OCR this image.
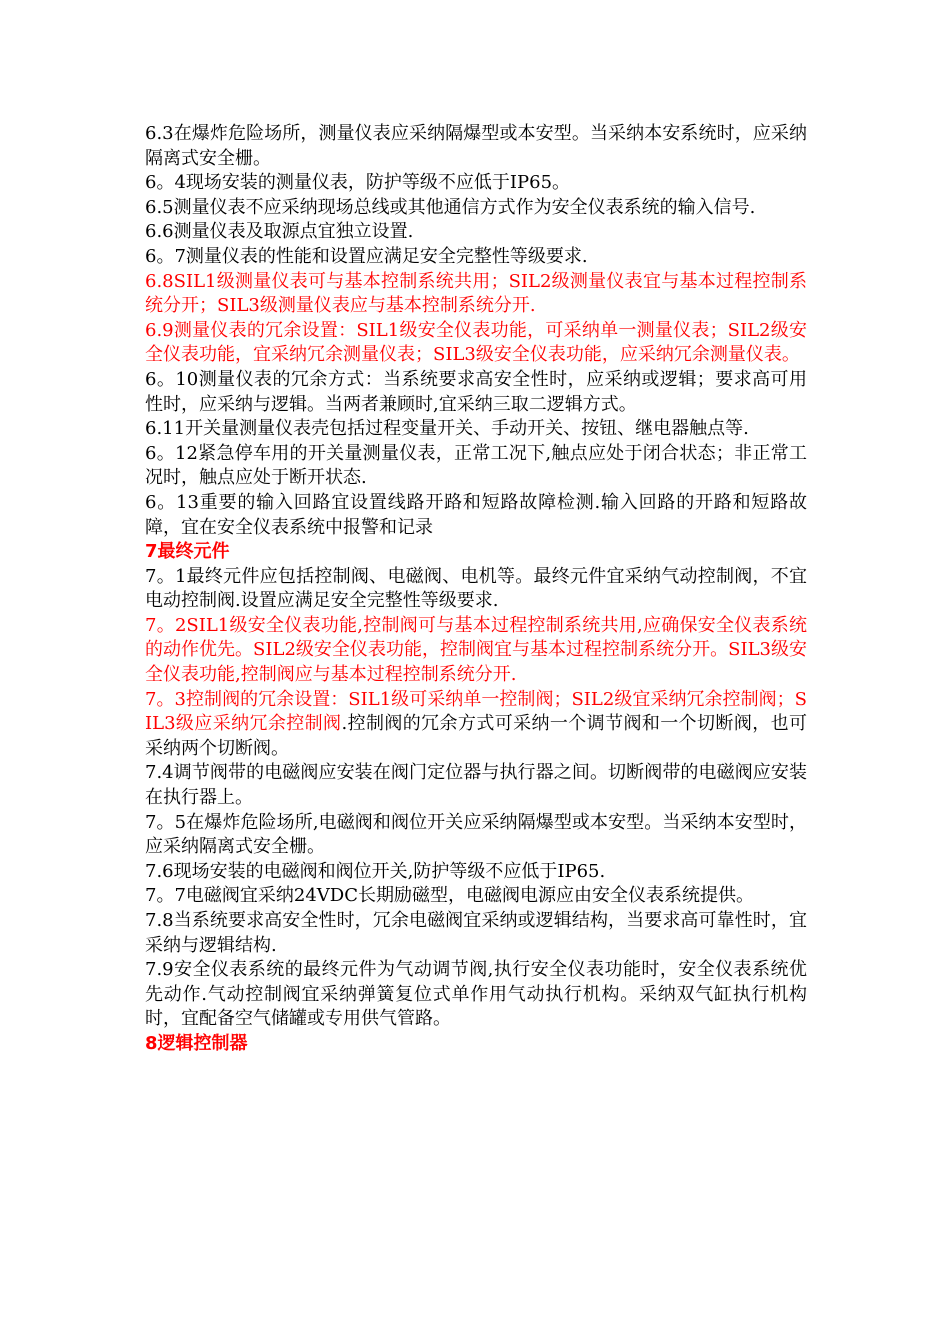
6.3在爆炸危险场所，测量仪表应采纳隔爆型或本安型。当采纳本安系统时，应采纳隔离式安全栅。

6。4现场安装的测量仪表，防护等级不应低于IP65。

6.5测量仪表不应采纳现场总线或其他通信方式作为安全仪表系统的输入信号.

6.6测量仪表及取源点宜独立设置.

6。7测量仪表的性能和设置应满足安全完整性等级要求.

6.8SIL1级测量仪表可与基本控制系统共用；SIL2级测量仪表宜与基本过程控制系统分开；SIL3级测量仪表应与基本控制系统分开.

6.9测量仪表的冗余设置：SIL1级安全仪表功能，可采纳单一测量仪表；SIL2级安全仪表功能，宜采纳冗余测量仪表；SIL3级安全仪表功能，应采纳冗余测量仪表。

6。10测量仪表的冗余方式：当系统要求高安全性时，应采纳或逻辑；要求高可用性时，应采纳与逻辑。当两者兼顾时,宜采纳三取二逻辑方式。

6.11开关量测量仪表壳包括过程变量开关、手动开关、按钮、继电器触点等.

6。12紧急停车用的开关量测量仪表，正常工况下,触点应处于闭合状态；非正常工况时，触点应处于断开状态.

6。13重要的输入回路宜设置线路开路和短路故障检测.输入回路的开路和短路故障，宜在安全仪表系统中报警和记录

7最终元件

7。1最终元件应包括控制阀、电磁阀、电机等。最终元件宜采纳气动控制阀，不宜电动控制阀.设置应满足安全完整性等级要求.

7。2SIL1级安全仪表功能,控制阀可与基本过程控制系统共用,应确保安全仪表系统的动作优先。SIL2级安全仪表功能，控制阀宜与基本过程控制系统分开。SIL3级安全仪表功能,控制阀应与基本过程控制系统分开.

7。3控制阀的冗余设置：SIL1级可采纳单一控制阀；SIL2级宜采纳冗余控制阀；SIL3级应采纳冗余控制阀.控制阀的冗余方式可采纳一个调节阀和一个切断阀，也可采纳两个切断阀。

7.4调节阀带的电磁阀应安装在阀门定位器与执行器之间。切断阀带的电磁阀应安装在执行器上。

7。5在爆炸危险场所,电磁阀和阀位开关应采纳隔爆型或本安型。当采纳本安型时，应采纳隔离式安全栅。

7.6现场安装的电磁阀和阀位开关,防护等级不应低于IP65.

7。7电磁阀宜采纳24VDC长期励磁型，电磁阀电源应由安全仪表系统提供。

7.8当系统要求高安全性时，冗余电磁阀宜采纳或逻辑结构，当要求高可靠性时，宜采纳与逻辑结构.

7.9安全仪表系统的最终元件为气动调节阀,执行安全仪表功能时，安全仪表系统优先动作.气动控制阀宜采纳弹簧复位式单作用气动执行机构。采纳双气缸执行机构时，宜配备空气储罐或专用供气管路。

8逻辑控制器
